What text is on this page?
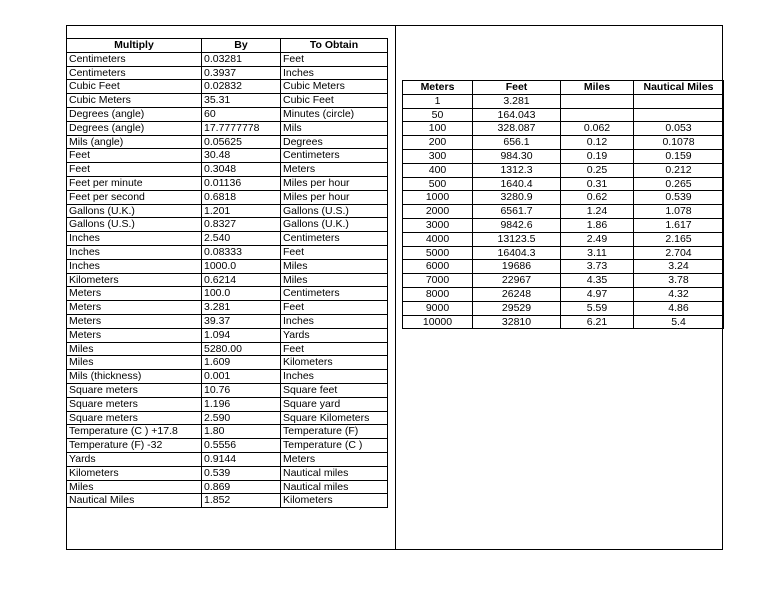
Multiply	By	To Obtain
Centimeters	0.03281	Feet
Centimeters	0.3937	Inches
Cubic Feet	0.02832	Cubic Meters
Cubic Meters	35.31	Cubic Feet
Degrees (angle)	60	Minutes (circle)
Degrees (angle)	17.7777778	Mils
Mils (angle)	0.05625	Degrees
Feet	30.48	Centimeters
Feet	0.3048	Meters
Feet per minute	0.01136	Miles per hour
Feet per second	0.6818	Miles per hour
Gallons (U.K.)	1.201	Gallons (U.S.)
Gallons (U.S.)	0.8327	Gallons (U.K.)
Inches	2.540	Centimeters
Inches	0.08333	Feet
Inches	1000.0	Miles
Kilometers	0.6214	Miles
Meters	100.0	Centimeters
Meters	3.281	Feet
Meters	39.37	Inches
Meters	1.094	Yards
Miles	5280.00	Feet
Miles	1.609	Kilometers
Mils (thickness)	0.001	Inches
Square meters	10.76	Square feet
Square meters	1.196	Square yard
Square meters	2.590	Square Kilometers
Temperature (C ) +17.8	1.80	Temperature (F)
Temperature (F) -32	0.5556	Temperature (C )
Yards	0.9144	Meters
Kilometers	0.539	Nautical miles
Miles	0.869	Nautical miles
Nautical Miles	1.852	Kilometers
Meters	Feet	Miles	Nautical Miles
1	3.281		
50	164.043		
100	328.087	0.062	0.053
200	656.1	0.12	0.1078
300	984.30	0.19	0.159
400	1312.3	0.25	0.212
500	1640.4	0.31	0.265
1000	3280.9	0.62	0.539
2000	6561.7	1.24	1.078
3000	9842.6	1.86	1.617
4000	13123.5	2.49	2.165
5000	16404.3	3.11	2.704
6000	19686	3.73	3.24
7000	22967	4.35	3.78
8000	26248	4.97	4.32
9000	29529	5.59	4.86
10000	32810	6.21	5.4
